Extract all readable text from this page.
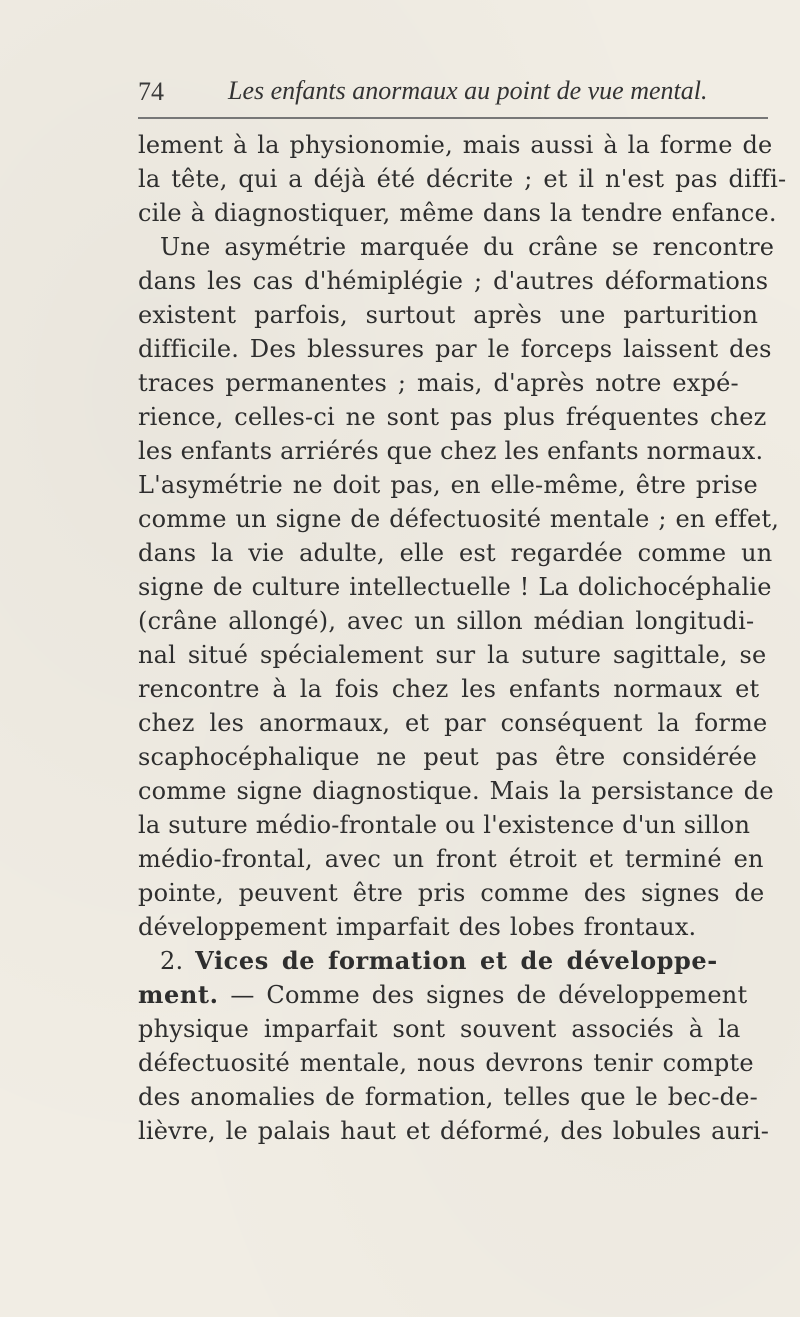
74 Les enfants anormaux au point de vue mental.
lement à la physionomie, mais aussi à la forme de
la tête, qui a déjà été décrite ; et il n'est pas diffi-
cile à diagnostiquer, même dans la tendre enfance.
Une asymétrie marquée du crâne se rencontre
dans les cas d'hémiplégie ; d'autres déformations
existent parfois, surtout après une parturition
difficile. Des blessures par le forceps laissent des
traces permanentes ; mais, d'après notre expé-
rience, celles-ci ne sont pas plus fréquentes chez
les enfants arriérés que chez les enfants normaux.
L'asymétrie ne doit pas, en elle-même, être prise
comme un signe de défectuosité mentale ; en effet,
dans la vie adulte, elle est regardée comme un
signe de culture intellectuelle ! La dolichocéphalie
(crâne allongé), avec un sillon médian longitudi-
nal situé spécialement sur la suture sagittale, se
rencontre à la fois chez les enfants normaux et
chez les anormaux, et par conséquent la forme
scaphocéphalique ne peut pas être considérée
comme signe diagnostique. Mais la persistance de
la suture médio-frontale ou l'existence d'un sillon
médio-frontal, avec un front étroit et terminé en
pointe, peuvent être pris comme des signes de
développement imparfait des lobes frontaux.
2. Vices de formation et de développe-
ment. — Comme des signes de développement
physique imparfait sont souvent associés à la
défectuosité mentale, nous devrons tenir compte
des anomalies de formation, telles que le bec-de-
lièvre, le palais haut et déformé, des lobules auri-
